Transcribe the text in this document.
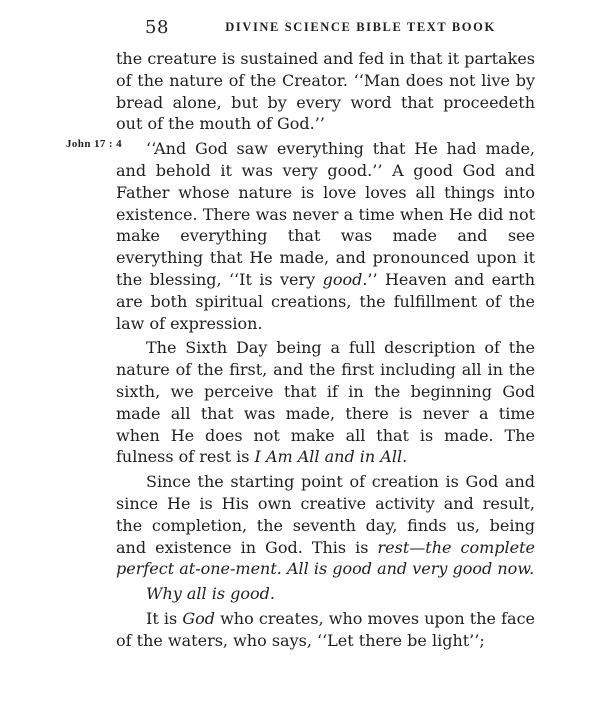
58	DIVINE SCIENCE BIBLE TEXT BOOK
John 17 : 4

the creature is sustained and fed in that it partakes of the nature of the Creator. ‘‘Man does not live by bread alone, but by every word that proceedeth out of the mouth of God.’’

‘‘And God saw everything that He had made, and behold it was very good.’’ A good God and Father whose nature is love loves all things into existence. There was never a time when He did not make everything that was made and see everything that He made, and pronounced upon it the blessing, ‘‘It is very good.’’ Heaven and earth are both spiritual creations, the fulfillment of the law of expression.

The Sixth Day being a full description of the nature of the first, and the first including all in the sixth, we perceive that if in the beginning God made all that was made, there is never a time when He does not make all that is made. The fulness of rest is I Am All and in All.

Since the starting point of creation is God and since He is His own creative activity and result, the completion, the seventh day, finds us, being and existence in God. This is rest—the complete perfect at-one-ment. All is good and very good now.

Why all is good.

It is God who creates, who moves upon the face of the waters, who says, ‘‘Let there be light’’;
